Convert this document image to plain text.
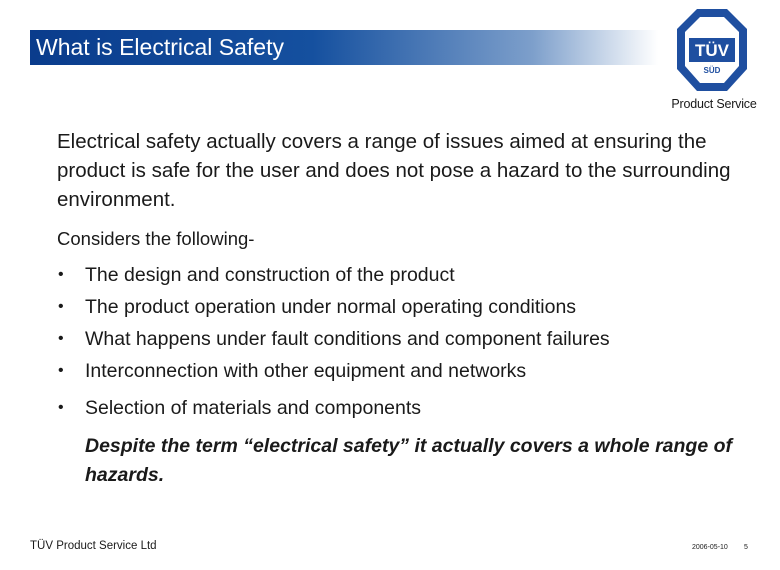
What is Electrical Safety	TÜV
SÜD
Product Service

Electrical safety actually covers a range of issues aimed at ensuring the product is safe for the user and does not pose a hazard to the surrounding environment.

Considers the following-

• The design and construction of the product
• The product operation under normal operating conditions
• What happens under fault conditions and component failures
• Interconnection with other equipment and networks
• Selection of materials and components

Despite the term “electrical safety” it actually covers a whole range of hazards.

TÜV Product Service Ltd	2006-05-10 5
